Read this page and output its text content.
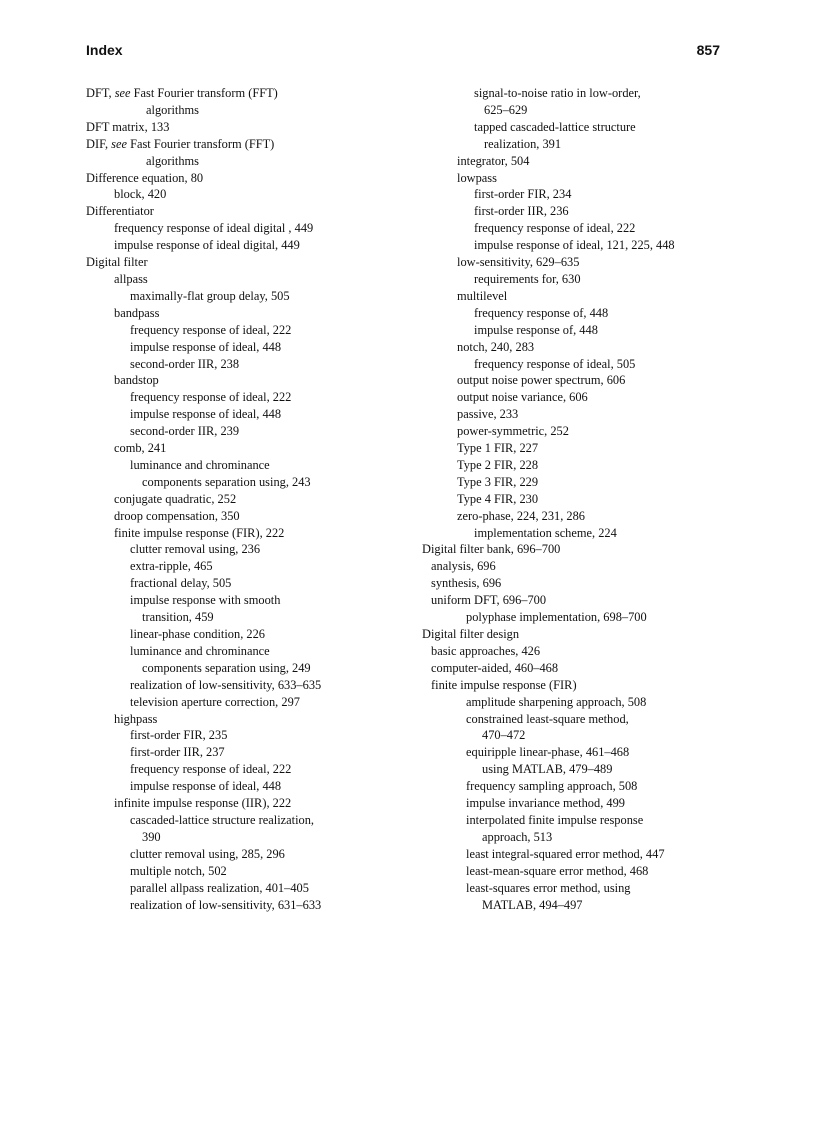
Index	857
DFT, see Fast Fourier transform (FFT)
algorithms
DFT matrix, 133
DIF, see Fast Fourier transform (FFT)
algorithms
Difference equation, 80
block, 420
Differentiator
frequency response of ideal digital , 449
impulse response of ideal digital, 449
Digital filter
allpass
maximally-flat group delay, 505
bandpass
frequency response of ideal, 222
impulse response of ideal, 448
second-order IIR, 238
bandstop
frequency response of ideal, 222
impulse response of ideal, 448
second-order IIR, 239
comb, 241
luminance and chrominance
components separation using, 243
conjugate quadratic, 252
droop compensation, 350
finite impulse response (FIR), 222
clutter removal using, 236
extra-ripple, 465
fractional delay, 505
impulse response with smooth
transition, 459
linear-phase condition, 226
luminance and chrominance
components separation using, 249
realization of low-sensitivity, 633–635
television aperture correction, 297
highpass
first-order FIR, 235
first-order IIR, 237
frequency response of ideal, 222
impulse response of ideal, 448
infinite impulse response (IIR), 222
cascaded-lattice structure realization,
390
clutter removal using, 285, 296
multiple notch, 502
parallel allpass realization, 401–405
realization of low-sensitivity, 631–633
signal-to-noise ratio in low-order,
625–629
tapped cascaded-lattice structure
realization, 391
integrator, 504
lowpass
first-order FIR, 234
first-order IIR, 236
frequency response of ideal, 222
impulse response of ideal, 121, 225, 448
low-sensitivity, 629–635
requirements for, 630
multilevel
frequency response of, 448
impulse response of, 448
notch, 240, 283
frequency response of ideal, 505
output noise power spectrum, 606
output noise variance, 606
passive, 233
power-symmetric, 252
Type 1 FIR, 227
Type 2 FIR, 228
Type 3 FIR, 229
Type 4 FIR, 230
zero-phase, 224, 231, 286
implementation scheme, 224
Digital filter bank, 696–700
analysis, 696
synthesis, 696
uniform DFT, 696–700
polyphase implementation, 698–700
Digital filter design
basic approaches, 426
computer-aided, 460–468
finite impulse response (FIR)
amplitude sharpening approach, 508
constrained least-square method,
470–472
equiripple linear-phase, 461–468
using MATLAB, 479–489
frequency sampling approach, 508
impulse invariance method, 499
interpolated finite impulse response
approach, 513
least integral-squared error method, 447
least-mean-square error method, 468
least-squares error method, using
MATLAB, 494–497
